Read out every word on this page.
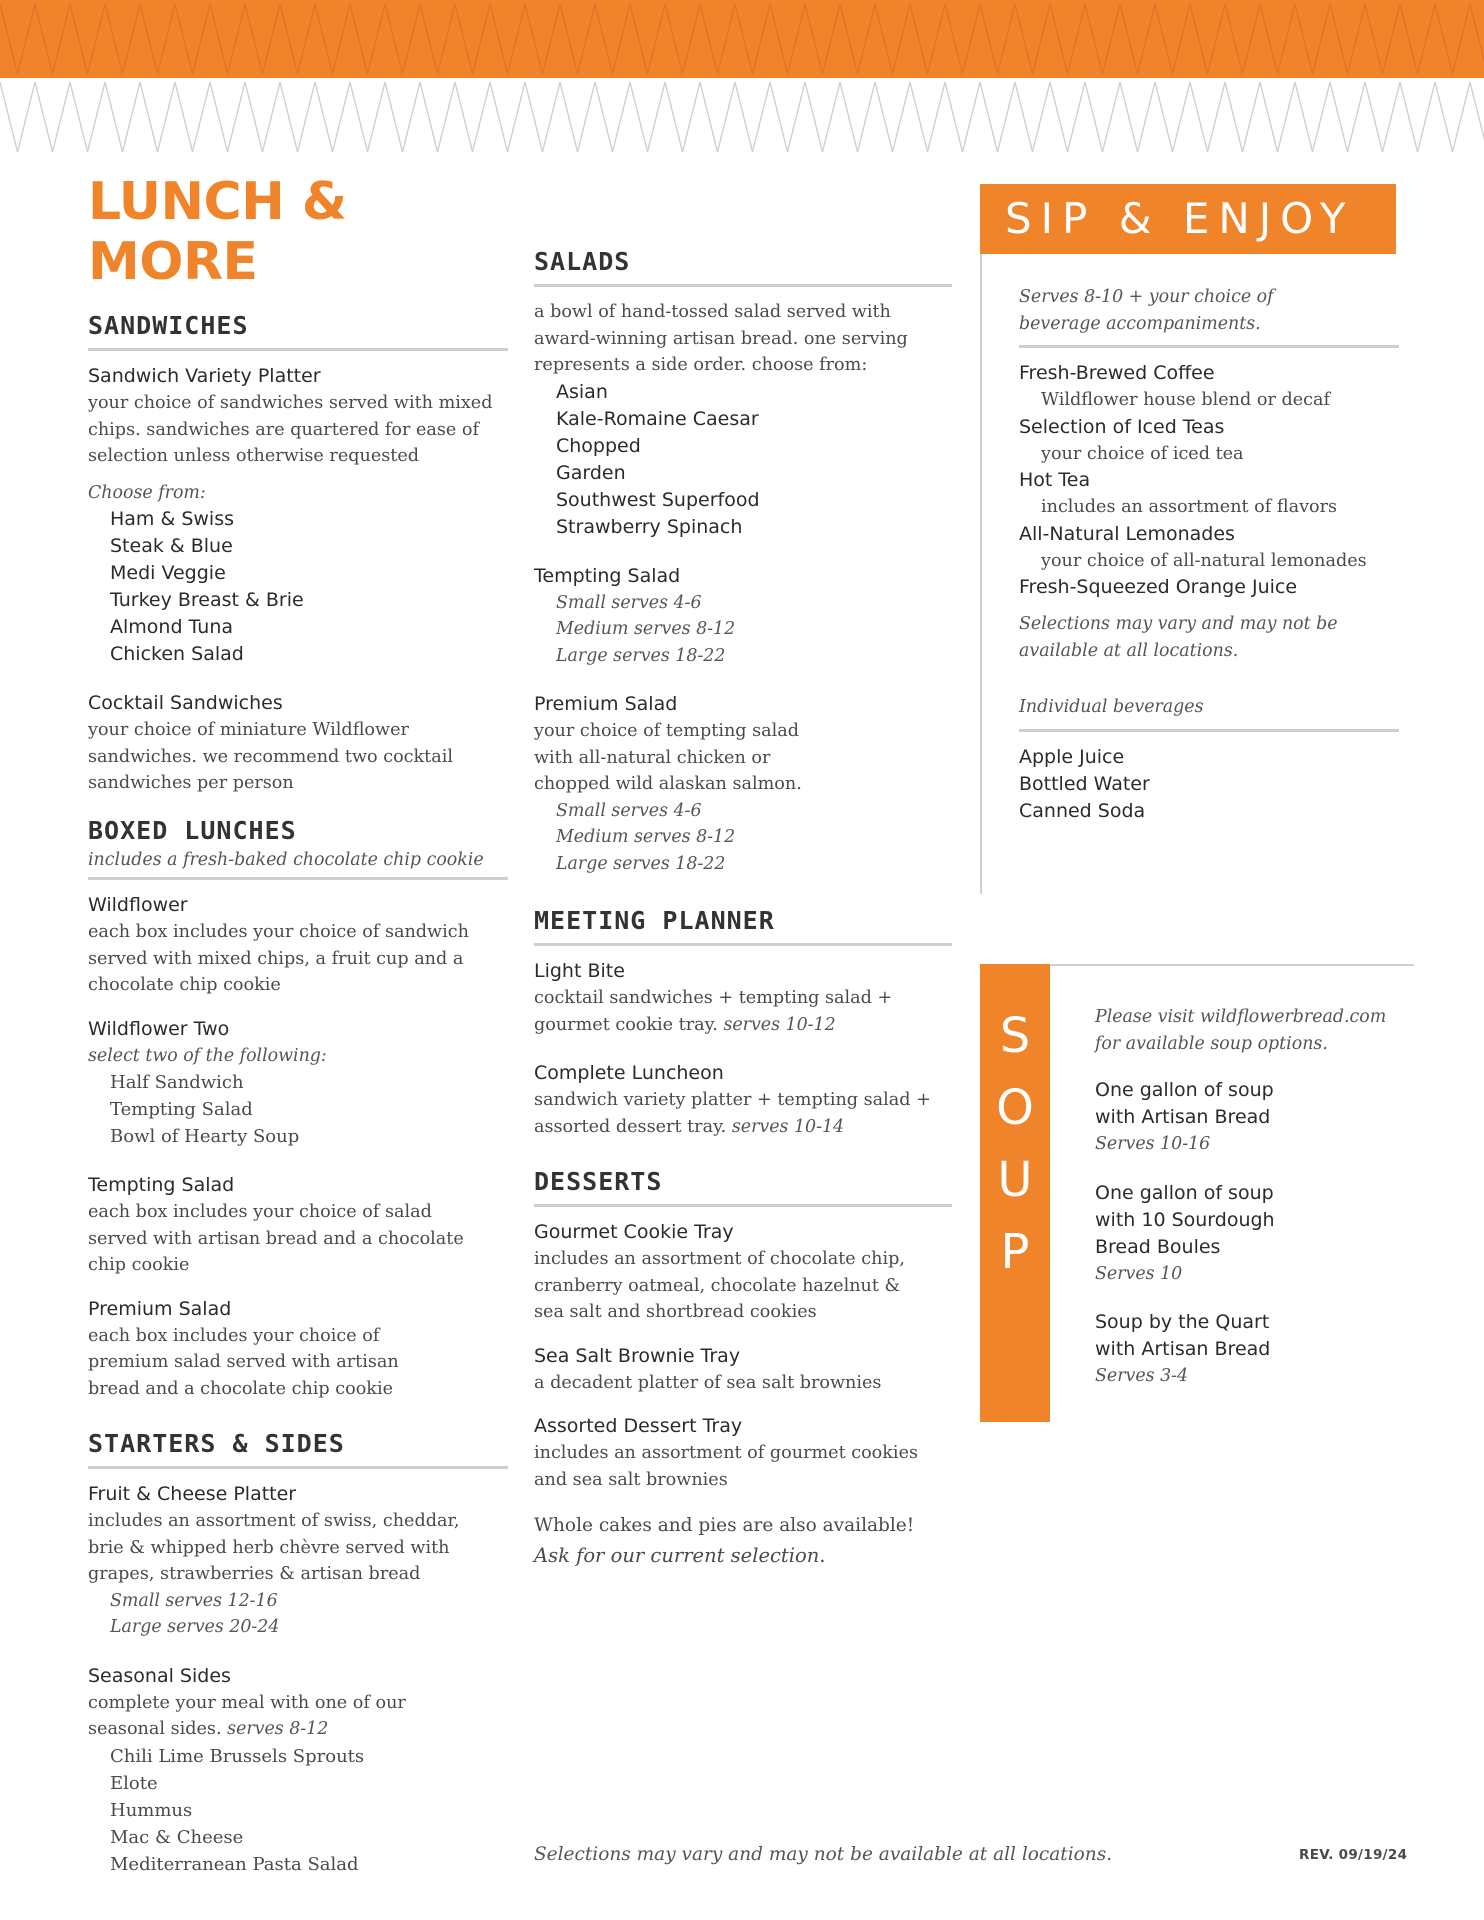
LUNCH & MORE
SANDWICHES
Sandwich Variety Platter
your choice of sandwiches served with mixed
chips. sandwiches are quartered for ease of
selection unless otherwise requested
Choose from:
Ham & Swiss
Steak & Blue
Medi Veggie
Turkey Breast & Brie
Almond Tuna
Chicken Salad
Cocktail Sandwiches
your choice of miniature Wildflower
sandwiches. we recommend two cocktail
sandwiches per person
BOXED LUNCHES
includes a fresh-baked chocolate chip cookie
Wildflower
each box includes your choice of sandwich
served with mixed chips, a fruit cup and a
chocolate chip cookie
Wildflower Two
select two of the following:
Half Sandwich
Tempting Salad
Bowl of Hearty Soup
Tempting Salad
each box includes your choice of salad
served with artisan bread and a chocolate
chip cookie
Premium Salad
each box includes your choice of
premium salad served with artisan
bread and a chocolate chip cookie
STARTERS & SIDES
Fruit & Cheese Platter
includes an assortment of swiss, cheddar,
brie & whipped herb chèvre served with
grapes, strawberries & artisan bread
Small serves 12-16
Large serves 20-24
Seasonal Sides
complete your meal with one of our
seasonal sides. serves 8-12
Chili Lime Brussels Sprouts
Elote
Hummus
Mac & Cheese
Mediterranean Pasta Salad
SALADS
a bowl of hand-tossed salad served with
award-winning artisan bread. one serving
represents a side order. choose from:
Asian
Kale-Romaine Caesar
Chopped
Garden
Southwest Superfood
Strawberry Spinach
Tempting Salad
Small serves 4-6
Medium serves 8-12
Large serves 18-22
Premium Salad
your choice of tempting salad
with all-natural chicken or
chopped wild alaskan salmon.
Small serves 4-6
Medium serves 8-12
Large serves 18-22
MEETING PLANNER
Light Bite
cocktail sandwiches + tempting salad +
gourmet cookie tray. serves 10-12
Complete Luncheon
sandwich variety platter + tempting salad +
assorted dessert tray. serves 10-14
DESSERTS
Gourmet Cookie Tray
includes an assortment of chocolate chip,
cranberry oatmeal, chocolate hazelnut &
sea salt and shortbread cookies
Sea Salt Brownie Tray
a decadent platter of sea salt brownies
Assorted Dessert Tray
includes an assortment of gourmet cookies
and sea salt brownies
Whole cakes and pies are also available!
Ask for our current selection.
SIP & ENJOY
Serves 8-10 + your choice of
beverage accompaniments.
Fresh-Brewed Coffee
Wildflower house blend or decaf
Selection of Iced Teas
your choice of iced tea
Hot Tea
includes an assortment of flavors
All-Natural Lemonades
your choice of all-natural lemonades
Fresh-Squeezed Orange Juice
Selections may vary and may not be
available at all locations.
Individual beverages
Apple Juice
Bottled Water
Canned Soda
S
O
U
P
Please visit wildflowerbread.com
for available soup options.
One gallon of soup
with Artisan Bread
Serves 10-16
One gallon of soup
with 10 Sourdough
Bread Boules
Serves 10
Soup by the Quart
with Artisan Bread
Serves 3-4
Selections may vary and may not be available at all locations.	REV. 09/19/24
